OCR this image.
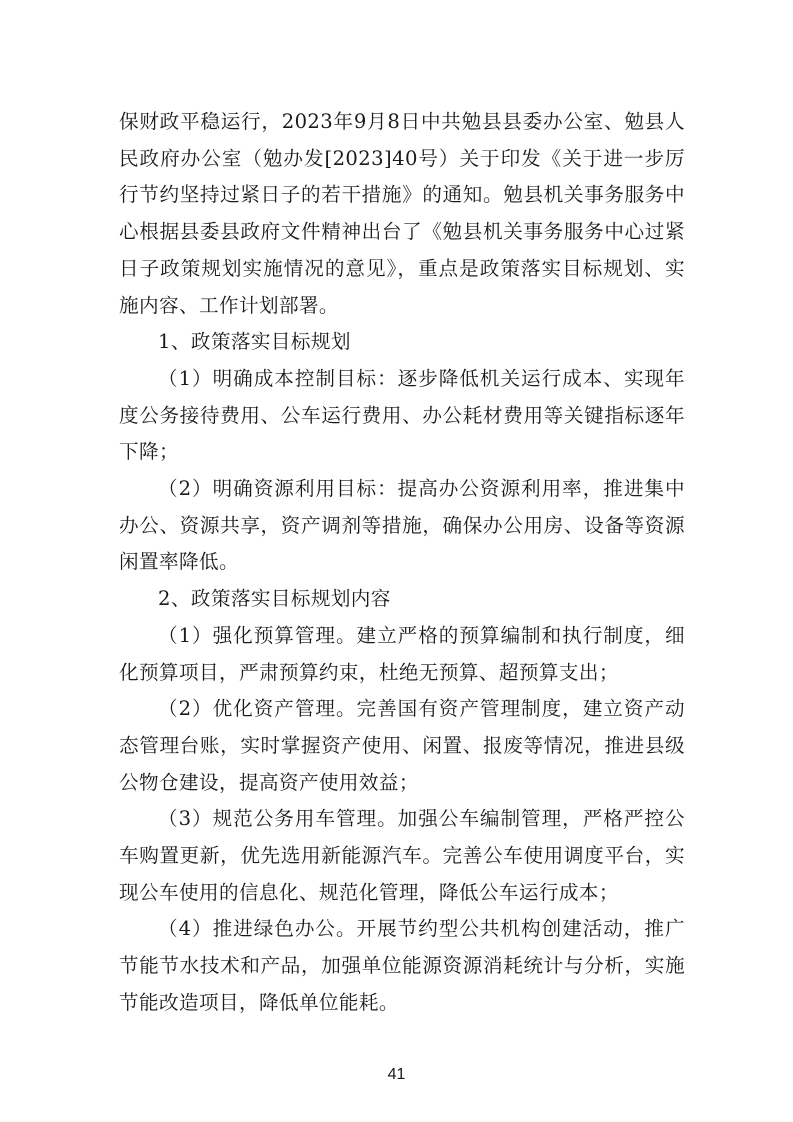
保财政平稳运行，2023年9月8日中共勉县县委办公室、勉县人民政府办公室（勉办发[2023]40号）关于印发《关于进一步厉行节约坚持过紧日子的若干措施》的通知。勉县机关事务服务中心根据县委县政府文件精神出台了《勉县机关事务服务中心过紧日子政策规划实施情况的意见》，重点是政策落实目标规划、实施内容、工作计划部署。

1、政策落实目标规划

（1）明确成本控制目标：逐步降低机关运行成本、实现年度公务接待费用、公车运行费用、办公耗材费用等关键指标逐年下降；

（2）明确资源利用目标：提高办公资源利用率，推进集中办公、资源共享，资产调剂等措施，确保办公用房、设备等资源闲置率降低。

2、政策落实目标规划内容

（1）强化预算管理。建立严格的预算编制和执行制度，细化预算项目，严肃预算约束，杜绝无预算、超预算支出；

（2）优化资产管理。完善国有资产管理制度，建立资产动态管理台账，实时掌握资产使用、闲置、报废等情况，推进县级公物仓建设，提高资产使用效益；

（3）规范公务用车管理。加强公车编制管理，严格严控公车购置更新，优先选用新能源汽车。完善公车使用调度平台，实现公车使用的信息化、规范化管理，降低公车运行成本；

（4）推进绿色办公。开展节约型公共机构创建活动，推广节能节水技术和产品，加强单位能源资源消耗统计与分析，实施节能改造项目，降低单位能耗。

41
